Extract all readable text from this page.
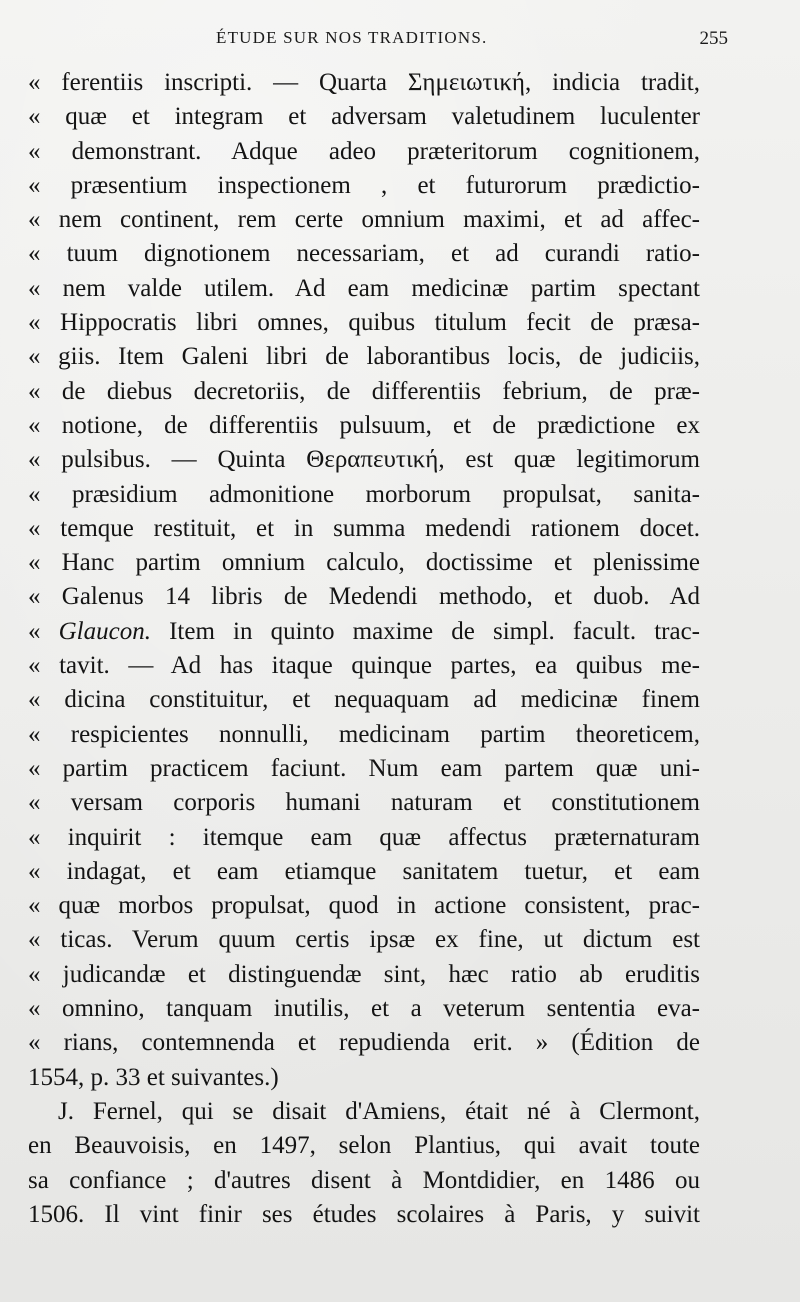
ÉTUDE SUR NOS TRADITIONS.	255
« ferentiis inscripti. — Quarta Σημειωτική, indicia tradit,
« quæ et integram et adversam valetudinem luculenter
« demonstrant. Adque adeo præteritorum cognitionem,
« præsentium inspectionem , et futurorum prædictio-
« nem continent, rem certe omnium maximi, et ad affec-
« tuum dignotionem necessariam, et ad curandi ratio-
« nem valde utilem. Ad eam medicinæ partim spectant
« Hippocratis libri omnes, quibus titulum fecit de præsa-
« giis. Item Galeni libri de laborantibus locis, de judiciis,
« de diebus decretoriis, de differentiis febrium, de præ-
« notione, de differentiis pulsuum, et de prædictione ex
« pulsibus. — Quinta Θεραπευτική, est quæ legitimorum
« præsidium admonitione morborum propulsat, sanita-
« temque restituit, et in summa medendi rationem docet.
« Hanc partim omnium calculo, doctissime et plenissime
« Galenus 14 libris de Medendi methodo, et duob. Ad
« Glaucon. Item in quinto maxime de simpl. facult. trac-
« tavit. — Ad has itaque quinque partes, ea quibus me-
« dicina constituitur, et nequaquam ad medicinæ finem
« respicientes nonnulli, medicinam partim theoreticem,
« partim practicem faciunt. Num eam partem quæ uni-
« versam corporis humani naturam et constitutionem
« inquirit : itemque eam quæ affectus præternaturam
« indagat, et eam etiamque sanitatem tuetur, et eam
« quæ morbos propulsat, quod in actione consistent, prac-
« ticas. Verum quum certis ipsæ ex fine, ut dictum est
« judicandæ et distinguendæ sint, hæc ratio ab eruditis
« omnino, tanquam inutilis, et a veterum sententia eva-
« rians, contemnenda et repudienda erit. » (Édition de
1554, p. 33 et suivantes.)
J. Fernel, qui se disait d'Amiens, était né à Clermont,
en Beauvoisis, en 1497, selon Plantius, qui avait toute
sa confiance ; d'autres disent à Montdidier, en 1486 ou
1506. Il vint finir ses études scolaires à Paris, y suivit
